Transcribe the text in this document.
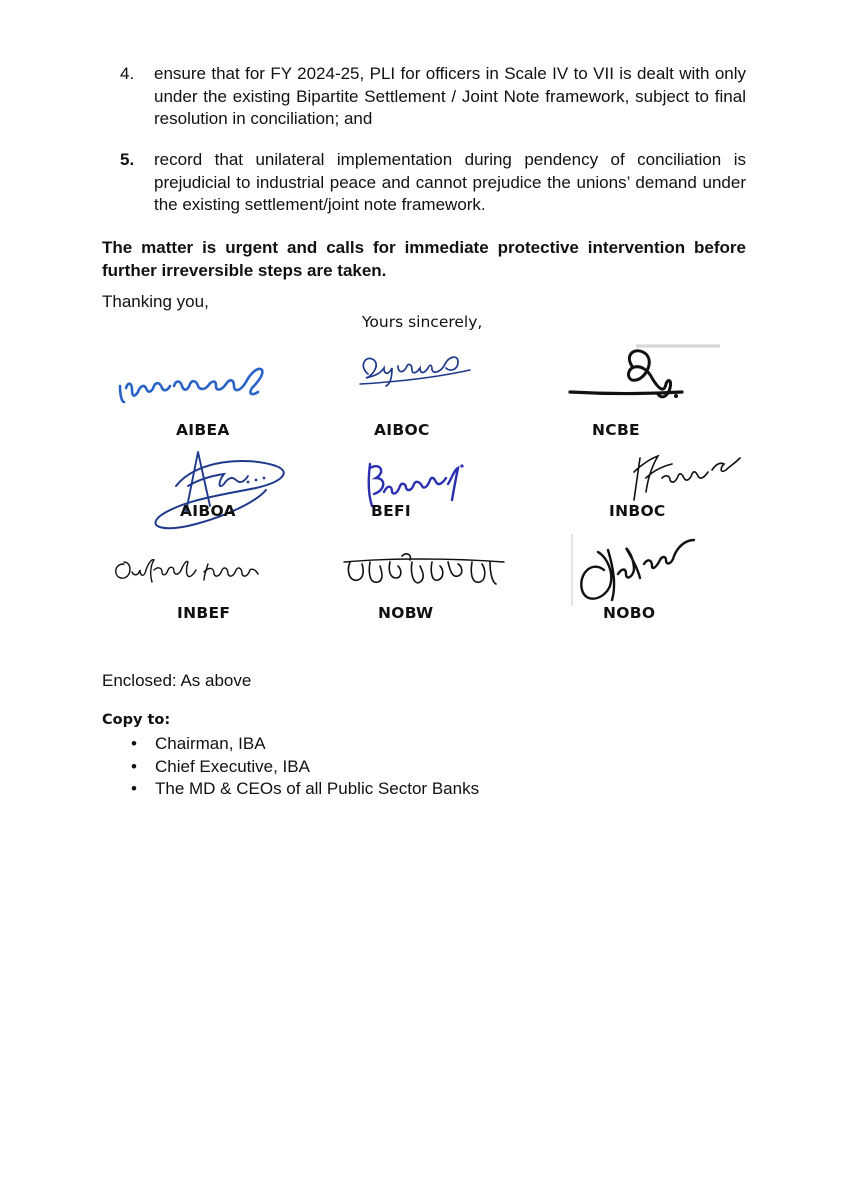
4.	ensure that for FY 2024-25, PLI for officers in Scale IV to VII is dealt with only under the existing Bipartite Settlement / Joint Note framework, subject to final resolution in conciliation; and
5.	record that unilateral implementation during pendency of conciliation is prejudicial to industrial peace and cannot prejudice the unions’ demand under the existing settlement/joint note framework.
The matter is urgent and calls for immediate protective intervention before further irreversible steps are taken.
Thanking you,
Yours sincerely,
AIBEA	AIBOC	NCBE
AIBOA	BEFI	INBOC
INBEF	NOBW	NOBO
Enclosed: As above
Copy to:
• Chairman, IBA
• Chief Executive, IBA
• The MD & CEOs of all Public Sector Banks
